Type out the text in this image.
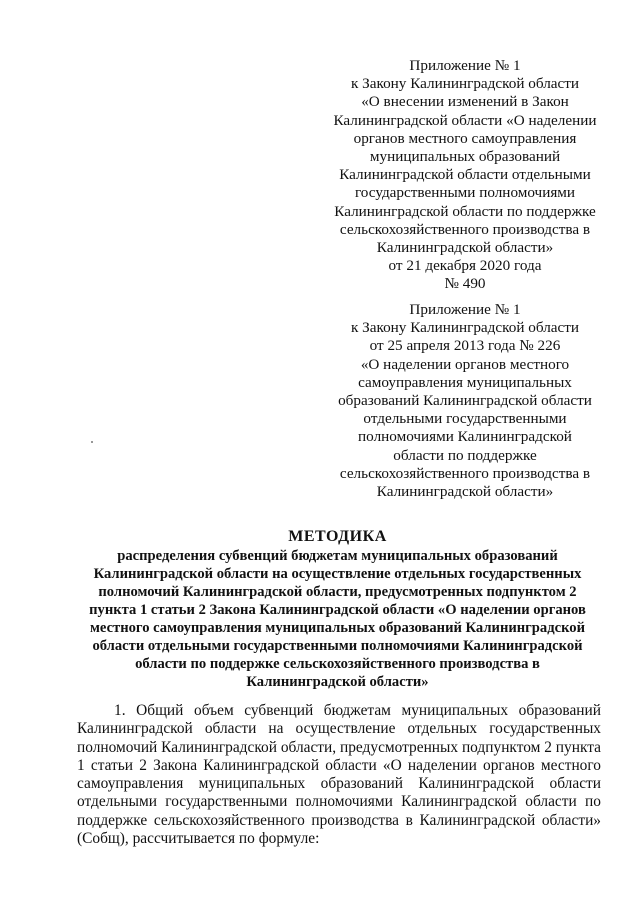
Приложение № 1
к Закону Калининградской области
«О внесении изменений в Закон
Калининградской области «О наделении
органов местного самоуправления
муниципальных образований
Калининградской области отдельными
государственными полномочиями
Калининградской области по поддержке
сельскохозяйственного производства в
Калининградской области»
от 21 декабря 2020 года
№ 490
Приложение № 1
к Закону Калининградской области
от 25 апреля 2013 года № 226
«О наделении органов местного
самоуправления муниципальных
образований Калининградской области
отдельными государственными
полномочиями Калининградской
области по поддержке
сельскохозяйственного производства в
Калининградской области»
МЕТОДИКА
распределения субвенций бюджетам муниципальных образований
Калининградской области на осуществление отдельных государственных
полномочий Калининградской области, предусмотренных подпунктом 2
пункта 1 статьи 2 Закона Калининградской области «О наделении органов
местного самоуправления муниципальных образований Калининградской
области отдельными государственными полномочиями Калининградской
области по поддержке сельскохозяйственного производства в
Калининградской области»
1. Общий объем субвенций бюджетам муниципальных образований
Калининградской области на осуществление отдельных государственных
полномочий Калининградской области, предусмотренных подпунктом 2 пункта
1 статьи 2 Закона Калининградской области «О наделении органов местного
самоуправления муниципальных образований Калининградской области
отдельными государственными полномочиями Калининградской области по
поддержке сельскохозяйственного производства в Калининградской области»
(Собщ), рассчитывается по формуле:
